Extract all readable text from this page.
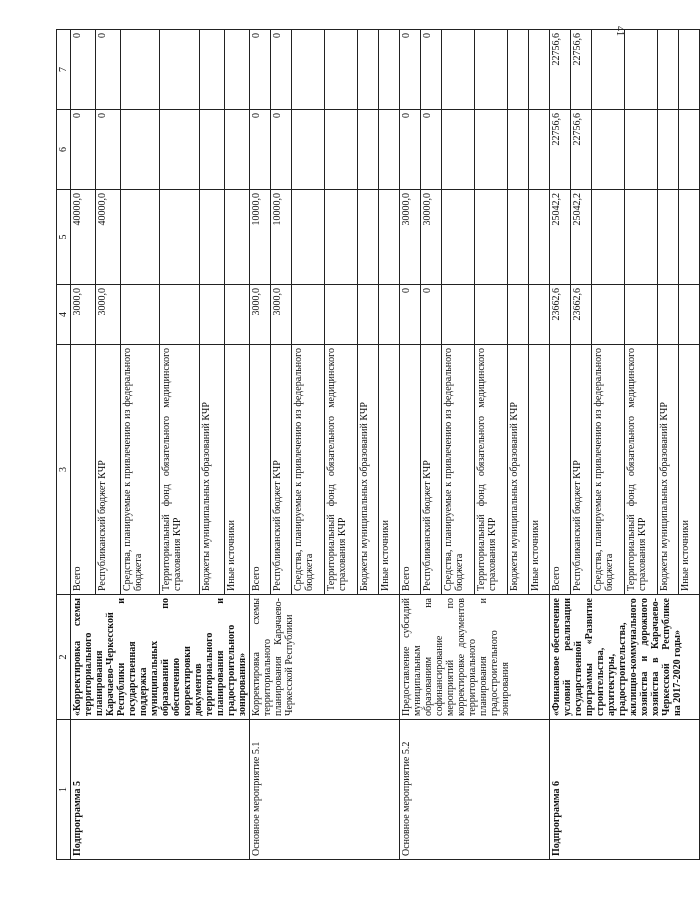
41
1	2	3	4	5	6	7
Подпрограмма 5	«Корректировка схемы территориального планирования Карачаево-Черкесской Республики и государственная поддержка муниципальных образований по обеспечению корректировки документов территориального планирования и градостроительного зонирования»	Всего	3000,0	40000,0	0	0
		Республиканский бюджет КЧР	3000,0	40000,0	0	0
		Средства, планируемые к привлечению из федерального бюджета				
		Территориальный фонд обязательного медицинского страхования КЧР				
		Бюджеты муниципальных образований КЧР				
		Иные источники				
Основное мероприятие 5.1	Корректировка схемы территориального планирования Карачаево-Черкесской Республики	Всего	3000,0	10000,0	0	0
		Республиканский бюджет КЧР	3000,0	10000,0	0	0
		Средства, планируемые к привлечению из федерального бюджета				
		Территориальный фонд обязательного медицинского страхования КЧР				
		Бюджеты муниципальных образований КЧР				
		Иные источники				
Основное мероприятие 5.2	Предоставление субсидий муниципальным образованиям на софинансирование мероприятий по корректировке документов территориального планирования и градостроительного зонирования	Всего	0	30000,0	0	0
		Республиканский бюджет КЧР	0	30000,0	0	0
		Средства, планируемые к привлечению из федерального бюджета				
		Территориальный фонд обязательного медицинского страхования КЧР				
		Бюджеты муниципальных образований КЧР				
		Иные источники				
Подпрограмма 6	«Финансовое обеспечение условий реализации государственной программы «Развитие строительства, архитектуры, градостроительства, жилищно-коммунального хозяйства и дорожного хозяйства в Карачаево-Черкесской Республике на 2017-2020 годы»	Всего	23662,6	25042,2	22756,6	22756,6
		Республиканский бюджет КЧР	23662,6	25042,2	22756,6	22756,6
		Средства, планируемые к привлечению из федерального бюджета				
		Территориальный фонд обязательного медицинского страхования КЧР				
		Бюджеты муниципальных образований КЧР				
		Иные источники				
